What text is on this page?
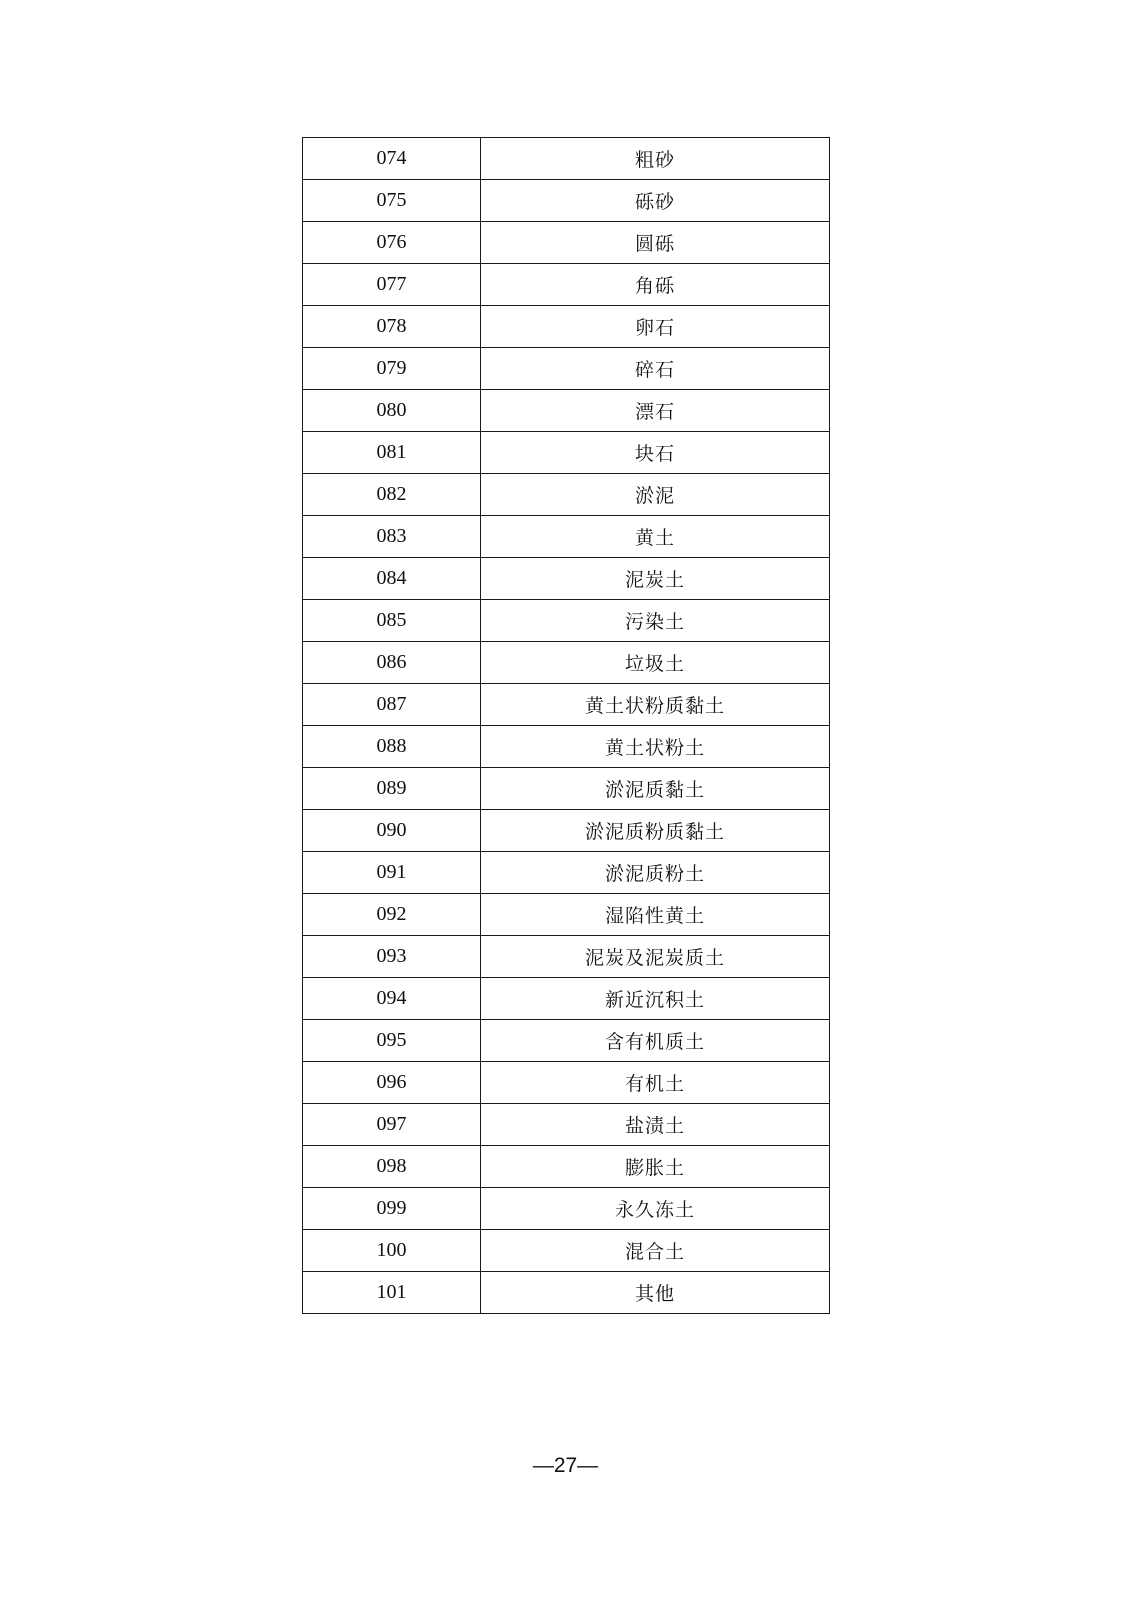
074	粗砂
075	砾砂
076	圆砾
077	角砾
078	卵石
079	碎石
080	漂石
081	块石
082	淤泥
083	黄土
084	泥炭土
085	污染土
086	垃圾土
087	黄土状粉质黏土
088	黄土状粉土
089	淤泥质黏土
090	淤泥质粉质黏土
091	淤泥质粉土
092	湿陷性黄土
093	泥炭及泥炭质土
094	新近沉积土
095	含有机质土
096	有机土
097	盐渍土
098	膨胀土
099	永久冻土
100	混合土
101	其他
—27—
